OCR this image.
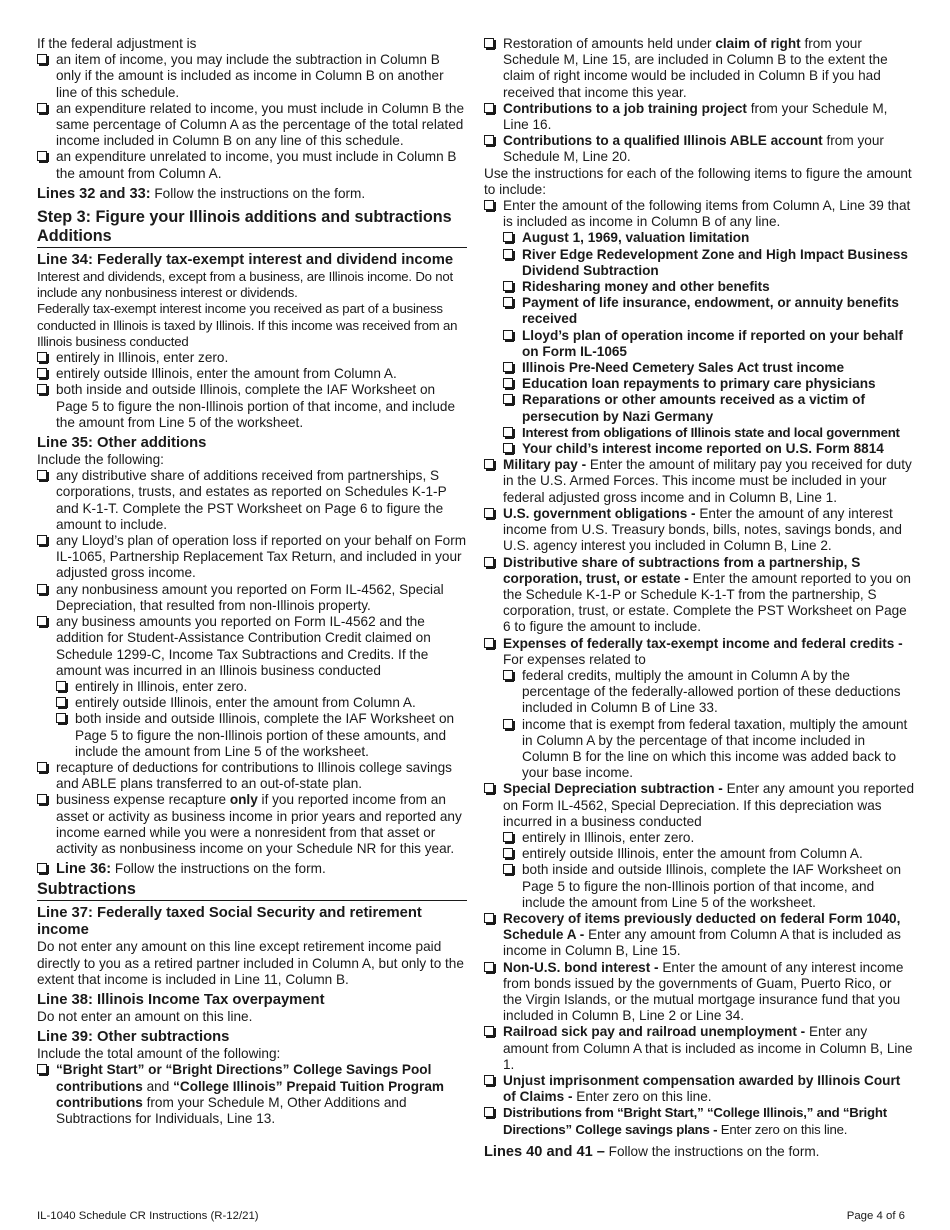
If the federal adjustment is

an item of income, you may include the subtraction in Column B only if the amount is included as income in Column B on another line of this schedule.
an expenditure related to income, you must include in Column B the same percentage of Column A as the percentage of the total related income included in Column B on any line of this schedule.
an expenditure unrelated to income, you must include in Column B the amount from Column A.

Lines 32 and 33: Follow the instructions on the form.

Step 3: Figure your Illinois additions and subtractions

Additions

Line 34: Federally tax-exempt interest and dividend income

Interest and dividends, except from a business, are Illinois income. Do not include any nonbusiness interest or dividends.

Federally tax-exempt interest income you received as part of a business conducted in Illinois is taxed by Illinois. If this income was received from an Illinois business conducted

entirely in Illinois, enter zero.
entirely outside Illinois, enter the amount from Column A.
both inside and outside Illinois, complete the IAF Worksheet on Page 5 to figure the non-Illinois portion of that income, and include the amount from Line 5 of the worksheet.

Line 35: Other additions

Include the following:

any distributive share of additions received from partnerships, S corporations, trusts, and estates as reported on Schedules K-1-P and K-1-T. Complete the PST Worksheet on Page 6 to figure the amount to include.
any Lloyd’s plan of operation loss if reported on your behalf on Form IL-1065, Partnership Replacement Tax Return, and included in your adjusted gross income.
any nonbusiness amount you reported on Form IL-4562, Special Depreciation, that resulted from non-Illinois property.
any business amounts you reported on Form IL-4562 and the addition for Student-Assistance Contribution Credit claimed on Schedule 1299-C, Income Tax Subtractions and Credits. If the amount was incurred in an Illinois business conducted
entirely in Illinois, enter zero.
entirely outside Illinois, enter the amount from Column A.
both inside and outside Illinois, complete the IAF Worksheet on Page 5 to figure the non-Illinois portion of these amounts, and include the amount from Line 5 of the worksheet.
recapture of deductions for contributions to Illinois college savings and ABLE plans transferred to an out-of-state plan.
business expense recapture only if you reported income from an asset or activity as business income in prior years and reported any income earned while you were a nonresident from that asset or activity as nonbusiness income on your Schedule NR for this year.
Line 36: Follow the instructions on the form.

Subtractions

Line 37: Federally taxed Social Security and retirement income

Do not enter any amount on this line except retirement income paid directly to you as a retired partner included in Column A, but only to the extent that income is included in Line 11, Column B.

Line 38: Illinois Income Tax overpayment

Do not enter an amount on this line.

Line 39: Other subtractions

Include the total amount of the following:

“Bright Start” or “Bright Directions” College Savings Pool contributions and “College Illinois” Prepaid Tuition Program contributions from your Schedule M, Other Additions and Subtractions for Individuals, Line 13.
Restoration of amounts held under claim of right from your Schedule M, Line 15, are included in Column B to the extent the claim of right income would be included in Column B if you had received that income this year.
Contributions to a job training project from your Schedule M, Line 16.
Contributions to a qualified Illinois ABLE account from your Schedule M, Line 20.

Use the instructions for each of the following items to figure the amount to include:

Enter the amount of the following items from Column A, Line 39 that is included as income in Column B of any line.
August 1, 1969, valuation limitation
River Edge Redevelopment Zone and High Impact Business Dividend Subtraction
Ridesharing money and other benefits
Payment of life insurance, endowment, or annuity benefits received
Lloyd’s plan of operation income if reported on your behalf on Form IL-1065
Illinois Pre-Need Cemetery Sales Act trust income
Education loan repayments to primary care physicians
Reparations or other amounts received as a victim of persecution by Nazi Germany
Interest from obligations of Illinois state and local government
Your child’s interest income reported on U.S. Form 8814
Military pay - Enter the amount of military pay you received for duty in the U.S. Armed Forces. This income must be included in your federal adjusted gross income and in Column B, Line 1.
U.S. government obligations - Enter the amount of any interest income from U.S. Treasury bonds, bills, notes, savings bonds, and U.S. agency interest you included in Column B, Line 2.
Distributive share of subtractions from a partnership, S corporation, trust, or estate - Enter the amount reported to you on the Schedule K-1-P or Schedule K-1-T from the partnership, S corporation, trust, or estate. Complete the PST Worksheet on Page 6 to figure the amount to include.
Expenses of federally tax-exempt income and federal credits - For expenses related to
federal credits, multiply the amount in Column A by the percentage of the federally-allowed portion of these deductions included in Column B of Line 33.
income that is exempt from federal taxation, multiply the amount in Column A by the percentage of that income included in Column B for the line on which this income was added back to your base income.
Special Depreciation subtraction - Enter any amount you reported on Form IL-4562, Special Depreciation. If this depreciation was incurred in a business conducted
entirely in Illinois, enter zero.
entirely outside Illinois, enter the amount from Column A.
both inside and outside Illinois, complete the IAF Worksheet on Page 5 to figure the non-Illinois portion of that income, and include the amount from Line 5 of the worksheet.
Recovery of items previously deducted on federal Form 1040, Schedule A - Enter any amount from Column A that is included as income in Column B, Line 15.
Non-U.S. bond interest - Enter the amount of any interest income from bonds issued by the governments of Guam, Puerto Rico, or the Virgin Islands, or the mutual mortgage insurance fund that you included in Column B, Line 2 or Line 34.
Railroad sick pay and railroad unemployment - Enter any amount from Column A that is included as income in Column B, Line 1.
Unjust imprisonment compensation awarded by Illinois Court of Claims - Enter zero on this line.
Distributions from “Bright Start,” “College Illinois,” and “Bright Directions” College savings plans - Enter zero on this line.

Lines 40 and 41 – Follow the instructions on the form.

IL-1040 Schedule CR Instructions (R-12/21)	Page 4 of 6
